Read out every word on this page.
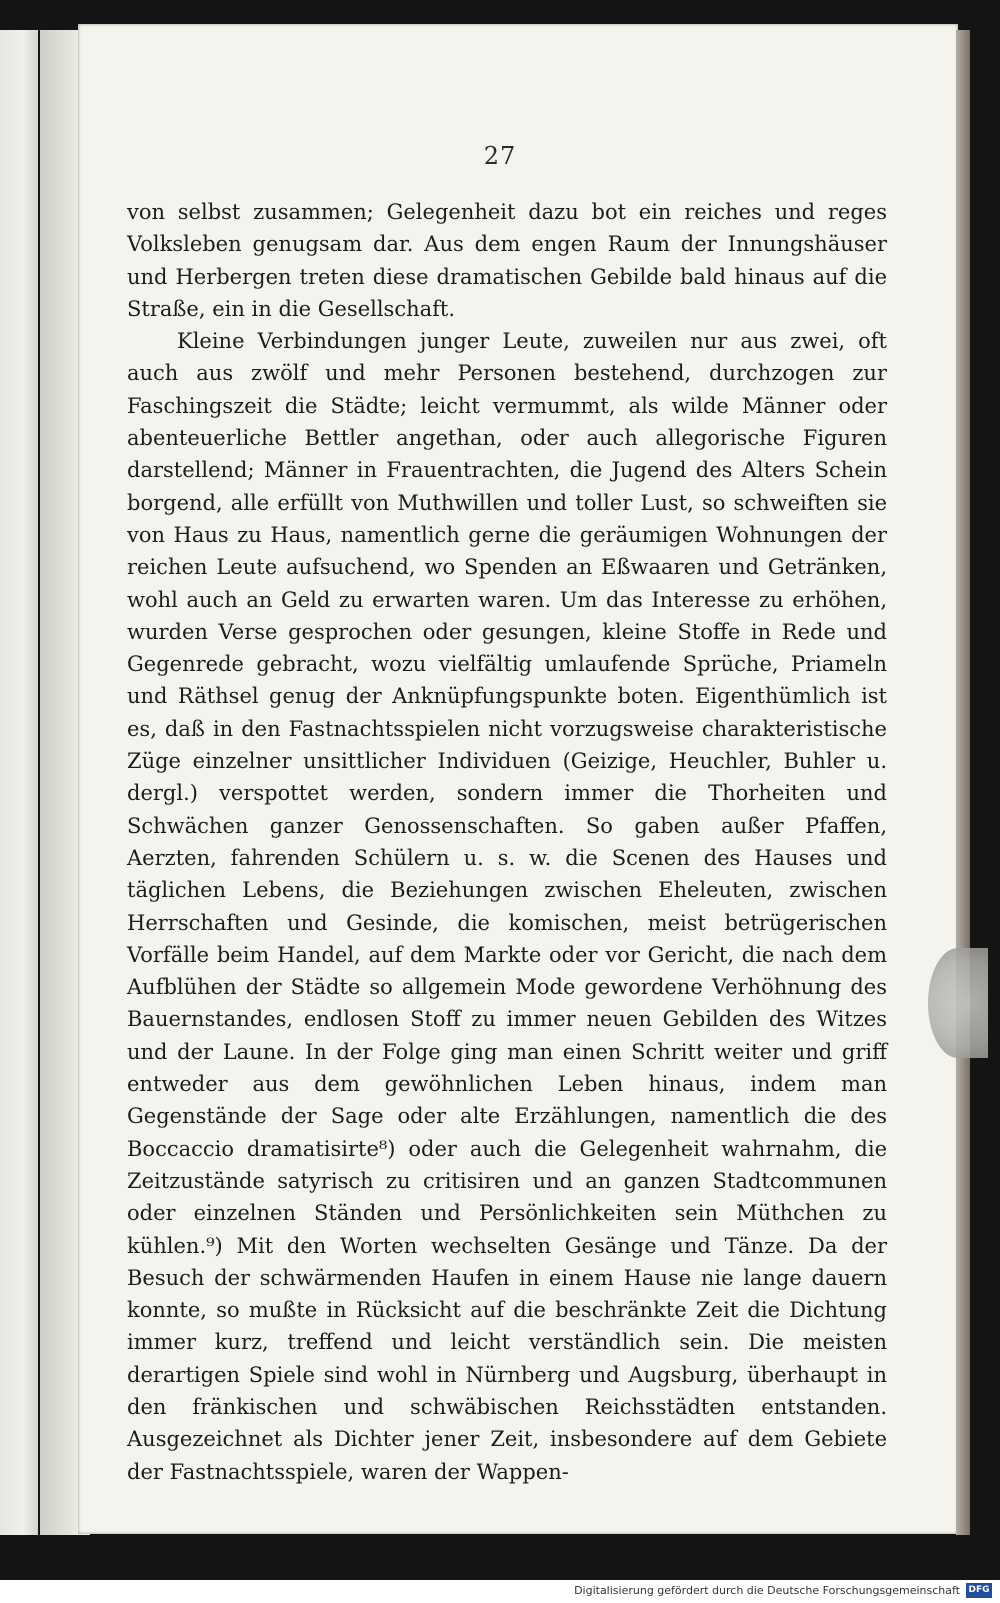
27

von selbst zusammen; Gelegenheit dazu bot ein reiches und reges Volksleben genugsam dar. Aus dem engen Raum der Innungshäuser und Herbergen treten diese dramatischen Gebilde bald hinaus auf die Straße, ein in die Gesellschaft.

Kleine Verbindungen junger Leute, zuweilen nur aus zwei, oft auch aus zwölf und mehr Personen bestehend, durchzogen zur Faschingszeit die Städte; leicht vermummt, als wilde Männer oder abenteuerliche Bettler angethan, oder auch allegorische Figuren darstellend; Männer in Frauentrachten, die Jugend des Alters Schein borgend, alle erfüllt von Muthwillen und toller Lust, so schweiften sie von Haus zu Haus, namentlich gerne die geräumigen Wohnungen der reichen Leute aufsuchend, wo Spenden an Eßwaaren und Getränken, wohl auch an Geld zu erwarten waren. Um das Interesse zu erhöhen, wurden Verse gesprochen oder gesungen, kleine Stoffe in Rede und Gegenrede gebracht, wozu vielfältig umlaufende Sprüche, Priameln und Räthsel genug der Anknüpfungspunkte boten. Eigenthümlich ist es, daß in den Fastnachtsspielen nicht vorzugsweise charakteristische Züge einzelner unsittlicher Individuen (Geizige, Heuchler, Buhler u. dergl.) verspottet werden, sondern immer die Thorheiten und Schwächen ganzer Genossenschaften. So gaben außer Pfaffen, Aerzten, fahrenden Schülern u. s. w. die Scenen des Hauses und täglichen Lebens, die Beziehungen zwischen Eheleuten, zwischen Herrschaften und Gesinde, die komischen, meist betrügerischen Vorfälle beim Handel, auf dem Markte oder vor Gericht, die nach dem Aufblühen der Städte so allgemein Mode gewordene Verhöhnung des Bauernstandes, endlosen Stoff zu immer neuen Gebilden des Witzes und der Laune. In der Folge ging man einen Schritt weiter und griff entweder aus dem gewöhnlichen Leben hinaus, indem man Gegenstände der Sage oder alte Erzählungen, namentlich die des Boccaccio dramatisirte⁸) oder auch die Gelegenheit wahrnahm, die Zeitzustände satyrisch zu critisiren und an ganzen Stadtcommunen oder einzelnen Ständen und Persönlichkeiten sein Müthchen zu kühlen.⁹) Mit den Worten wechselten Gesänge und Tänze. Da der Besuch der schwärmenden Haufen in einem Hause nie lange dauern konnte, so mußte in Rücksicht auf die beschränkte Zeit die Dichtung immer kurz, treffend und leicht verständlich sein. Die meisten derartigen Spiele sind wohl in Nürnberg und Augsburg, überhaupt in den fränkischen und schwäbischen Reichsstädten entstanden. Ausgezeichnet als Dichter jener Zeit, insbesondere auf dem Gebiete der Fastnachtsspiele, waren der Wappen-

Digitalisierung gefördert durch die Deutsche Forschungsgemeinschaft DFG
